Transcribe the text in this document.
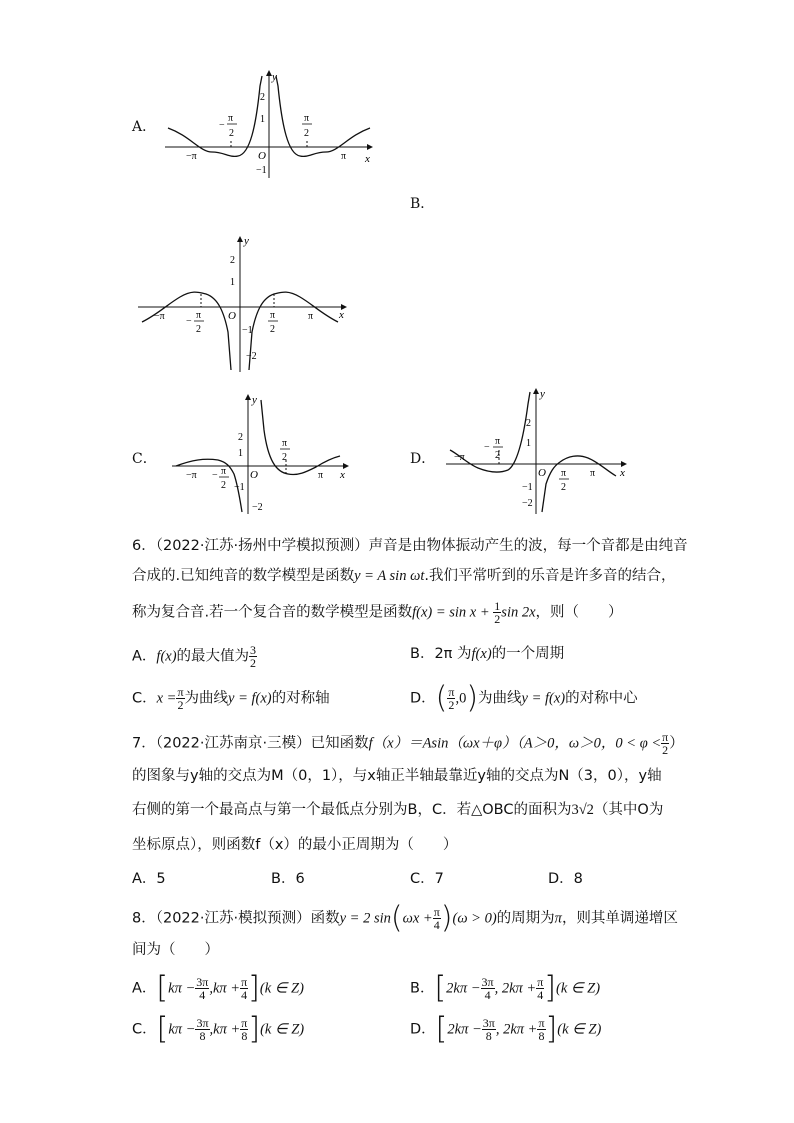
A．
y
x
O
−π	π
2
1
−1
−
π
2
π
2
B．
y
x
O
−π	π
2
1
−1
−2
−
π
2
π
2
C．
y
x
O
−π	π
2
1
−1
−2
− π
2
π
2	D．
y
x
O
−π
π
2
1
−1
−2
−
π
2
π
2
6．（2022·江苏·扬州中学模拟预测）声音是由物体振动产生的波，每一个音都是由纯音
合成的.已知纯音的数学模型是函数y = A sin ωt.我们平常听到的乐音是许多音的结合，
称为复合音.若一个复合音的数学模型是函数$f(x) = \sin x + \frac{1}{2}$ sin 2x，则（　　）
A．f(x)的最大值为 $\frac{3}{2}$	B．2π 为f(x)的一个周期
C．$x = \frac{\pi}{2}$ 为曲线y = f(x)的对称轴	D．( $\frac{\pi}{2} ,0$)为曲线y = f(x)的对称中心
7．（2022·江苏南京·三模）已知函数f（x）＝Asin（ωx＋φ）（A＞0，ω＞0，$0 < \varphi < \frac{\pi}{2}$ ）
的图象与y轴的交点为M（0，1），与x轴正半轴最靠近y轴的交点为N（3，0），y轴
右侧的第一个最高点与第一个最低点分别为B，C．若△OBC的面积为3√2（其中O为
坐标原点），则函数f（x）的最小正周期为（　　）
A．5	B．6	C．7	D．8
8．（2022·江苏·模拟预测）函数y = 2 $\sin(\omega x + \frac{\pi}{4} )(\omega > 0)$的周期为π，则其单调递增区
间为（　　）
A．$[k\pi - \frac{3\pi}{4} ,k\pi + \frac{\pi}{4} ](k$ ∈ Z)	B．[$2k\pi - \frac{3\pi}{4}$ , $2k\pi + \frac{\pi}{4} ](k$ ∈ Z)
C．$[k\pi - \frac{3\pi}{8} ,k\pi + \frac{\pi}{8} ](k$ ∈ Z)	D．[$2k\pi - \frac{3\pi}{8}$ , $2k\pi + \frac{\pi}{8} ](k$ ∈ Z)
